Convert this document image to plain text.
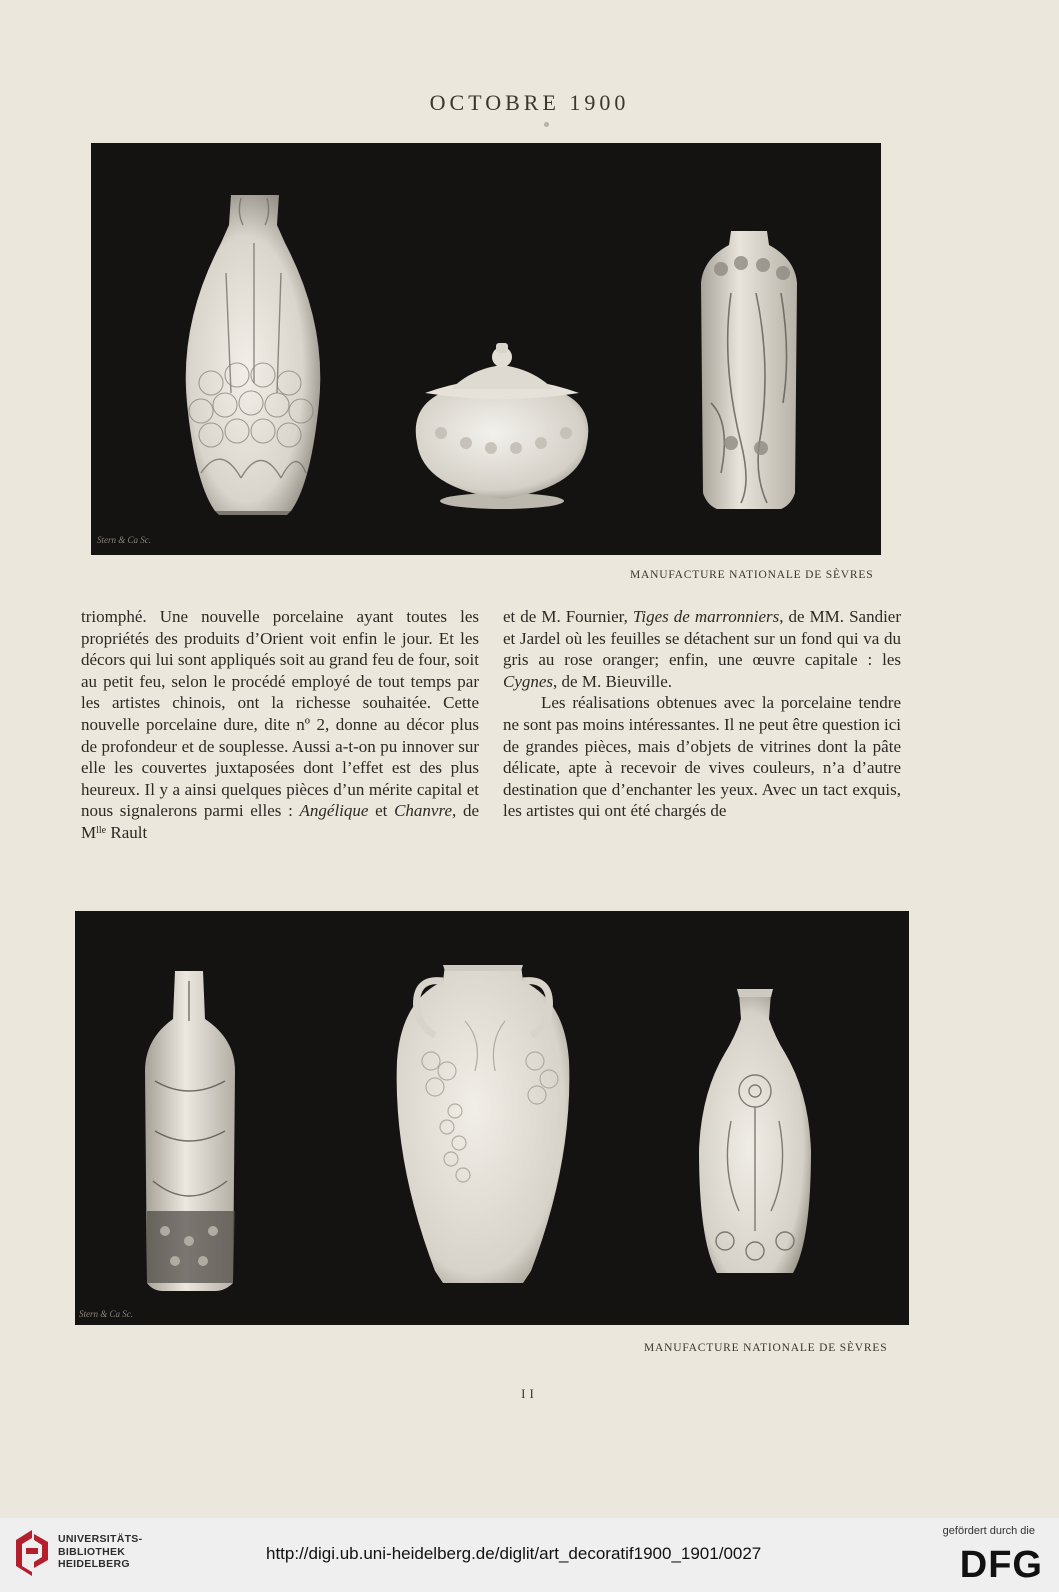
OCTOBRE 1900
Stern & Ca Sc.
MANUFACTURE NATIONALE DE SÈVRES

triomphé. Une nouvelle porcelaine ayant toutes les propriétés des produits d’Orient voit enfin le jour. Et les décors qui lui sont appliqués soit au grand feu de four, soit au petit feu, selon le procédé employé de tout temps par les artistes chinois, ont la richesse souhaitée. Cette nouvelle porcelaine dure, dite nº 2, donne au décor plus de profondeur et de souplesse. Aussi a-t-on pu innover sur elle les couvertes juxtaposées dont l’effet est des plus heureux. Il y a ainsi quelques pièces d’un mérite capital et nous signalerons parmi elles : Angélique et Chanvre, de $M^{lle}$ Rault

et de M. Fournier, Tiges de marronniers, de MM. Sandier et Jardel où les feuilles se détachent sur un fond qui va du gris au rose oranger; enfin, une œuvre capitale : les Cygnes, de M. Bieuville.

Les réalisations obtenues avec la porcelaine tendre ne sont pas moins intéressantes. Il ne peut être question ici de grandes pièces, mais d’objets de vitrines dont la pâte délicate, apte à recevoir de vives couleurs, n’a d’autre destination que d’enchanter les yeux. Avec un tact exquis, les artistes qui ont été chargés de

Stern & Ca Sc.
MANUFACTURE NATIONALE DE SÈVRES
II
UNIVERSITÄTS-
BIBLIOTHEK
HEIDELBERG
http://digi.ub.uni-heidelberg.de/diglit/art_decoratif1900_1901/0027
gefördert durch die
DFG
